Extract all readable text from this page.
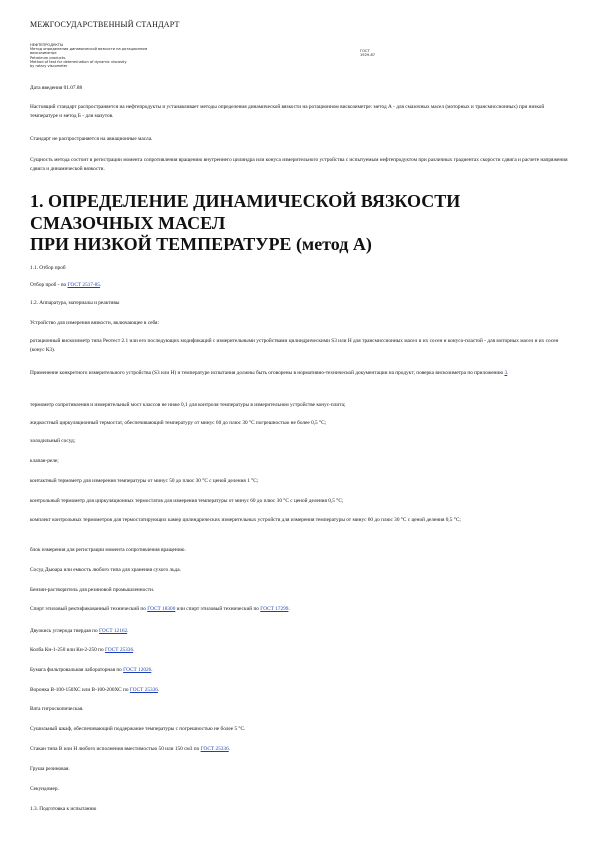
МЕЖГОСУДАРСТВЕННЫЙ СТАНДАРТ
НЕФТЕПРОДУКТЫ
Метод определения динамической вязкости на ротационном
вискозиметре
Petroleum products.
Method of test for determination of dynamic viscosity
by rotary viscometer
ГОСТ
1929-87
Дата введения 01.07.88
Настоящий стандарт распространяется на нефтепродукты и устанавливает методы определения динамической вязкости на ротационном вискозиметре: метод А - для смазочных масел (моторных и трансмиссионных) при низкой температуре и метод Б - для мазутов.
Стандарт не распространяется на авиационные масла.
Сущность метода состоит в регистрации момента сопротивления вращению внутреннего цилиндра или конуса измерительного устройства с испытуемым нефтепродуктом при различных градиентах скорости сдвига и расчете напряжения сдвига и динамической вязкости.
1. ОПРЕДЕЛЕНИЕ ДИНАМИЧЕСКОЙ ВЯЗКОСТИ
СМАЗОЧНЫХ МАСЕЛ
ПРИ НИЗКОЙ ТЕМПЕРАТУРЕ (метод А)
1.1. Отбор проб
Отбор проб - по ГОСТ 2517-85.
1.2. Аппаратура, материалы и реактивы
Устройство для измерения вязкости, включающее в себя:
ротационный вискозиметр типа Реотест 2.1 или его последующих модификаций с измерительными устройствами цилиндрическими S3 или Н для трансмиссионных масел и их сосен и конусо-пластой - для моторных масел и их сосен (конус К3).
Применение конкретного измерительного устройства (S3 или Н) и температуре испытания должны быть оговорены в нормативно-технической документации на продукт; поверка вискозиметра по приложению 3.
термометр сопротивления и измерительный мост классов не ниже 0,1 для контроля температуры в измерительном устройстве конус-плита;
жидкостный циркуляционный термостат, обеспечивающий температуру от минус 60 до плюс 30 °С погрешностью не более 0,5 °С;
холодильный сосуд;
клапан-реле;
контактный термометр для измерения температуры от минус 50 до плюс 30 °С с ценой деления 1 °С;
контрольный термометр для циркуляционных термостатов для измерения температуры от минус 60 до плюс 30 °С с ценой деления 0,5 °С;
комплект контрольных термометров для термостатирующих камер цилиндрических измерительных устройств для измерения температуры от минус 60 до плюс 30 °С с ценой деления 0,5 °С;
блок измерения для регистрации момента сопротивления вращению.
Сосуд Дьюара или емкость любого типа для хранения сухого льда.
Бензин-растворитель для резиновой промышленности.
Спирт этиловый ректификованный технический по ГОСТ 18300 или спирт этиловый технический по ГОСТ 17299.
Двуокись углерода твердая по ГОСТ 12162.
Колба Кн-1-250 или Кн-2-250 по ГОСТ 25336.
Бумага фильтровальная лабораторная по ГОСТ 12026.
Воронка В-100-150ХС или В-100-200ХС по ГОСТ 25336.
Вата гигроскопическая.
Сушильный шкаф, обеспечивающий поддержание температуры с погрешностью не более 5 °С.
Стакан типа В или Н любого исполнения вместимостью 50 или 150 см3 по ГОСТ 25336.
Груша резиновая.
Секундомер.
1.3. Подготовка к испытанию
